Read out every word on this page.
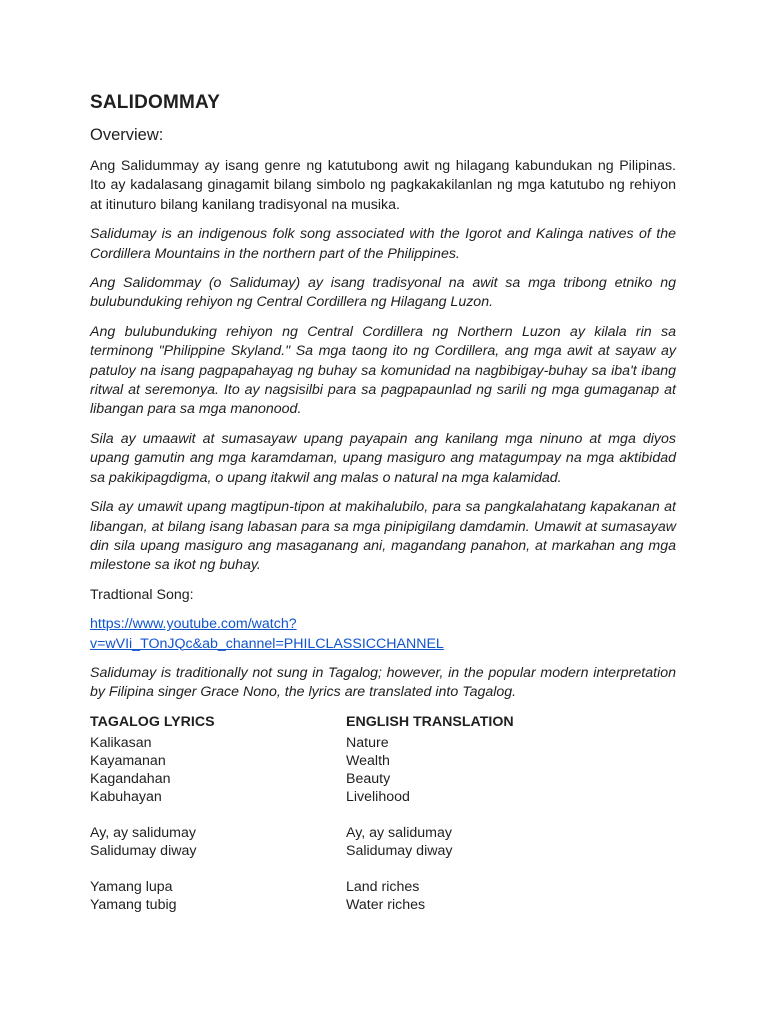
SALIDOMMAY
Overview:

Ang Salidummay ay isang genre ng katutubong awit ng hilagang kabundukan ng Pilipinas. Ito ay kadalasang ginagamit bilang simbolo ng pagkakakilanlan ng mga katutubo ng rehiyon at itinuturo bilang kanilang tradisyonal na musika.

Salidumay is an indigenous folk song associated with the Igorot and Kalinga natives of the Cordillera Mountains in the northern part of the Philippines.

Ang Salidommay (o Salidumay) ay isang tradisyonal na awit sa mga tribong etniko ng bulubunduking rehiyon ng Central Cordillera ng Hilagang Luzon.

Ang bulubunduking rehiyon ng Central Cordillera ng Northern Luzon ay kilala rin sa terminong "Philippine Skyland." Sa mga taong ito ng Cordillera, ang mga awit at sayaw ay patuloy na isang pagpapahayag ng buhay sa komunidad na nagbibigay-buhay sa iba't ibang ritwal at seremonya. Ito ay nagsisilbi para sa pagpapaunlad ng sarili ng mga gumaganap at libangan para sa mga manonood.

Sila ay umaawit at sumasayaw upang payapain ang kanilang mga ninuno at mga diyos upang gamutin ang mga karamdaman, upang masiguro ang matagumpay na mga aktibidad sa pakikipagdigma, o upang itakwil ang malas o natural na mga kalamidad.

Sila ay umawit upang magtipun-tipon at makihalubilo, para sa pangkalahatang kapakanan at libangan, at bilang isang labasan para sa mga pinipigilang damdamin. Umawit at sumasayaw din sila upang masiguro ang masaganang ani, magandang panahon, at markahan ang mga milestone sa ikot ng buhay.

Tradtional Song:

https://www.youtube.com/watch?
v=wVIi_TOnJQc&ab_channel=PHILCLASSICCHANNEL

Salidumay is traditionally not sung in Tagalog; however, in the popular modern interpretation by Filipina singer Grace Nono, the lyrics are translated into Tagalog.

TAGALOG LYRICS	ENGLISH TRANSLATION
Kalikasan	Nature
Kayamanan	Wealth
Kagandahan	Beauty
Kabuhayan	Livelihood
Ay, ay salidumay	Ay, ay salidumay
Salidumay diway	Salidumay diway
Yamang lupa	Land riches
Yamang tubig	Water riches
